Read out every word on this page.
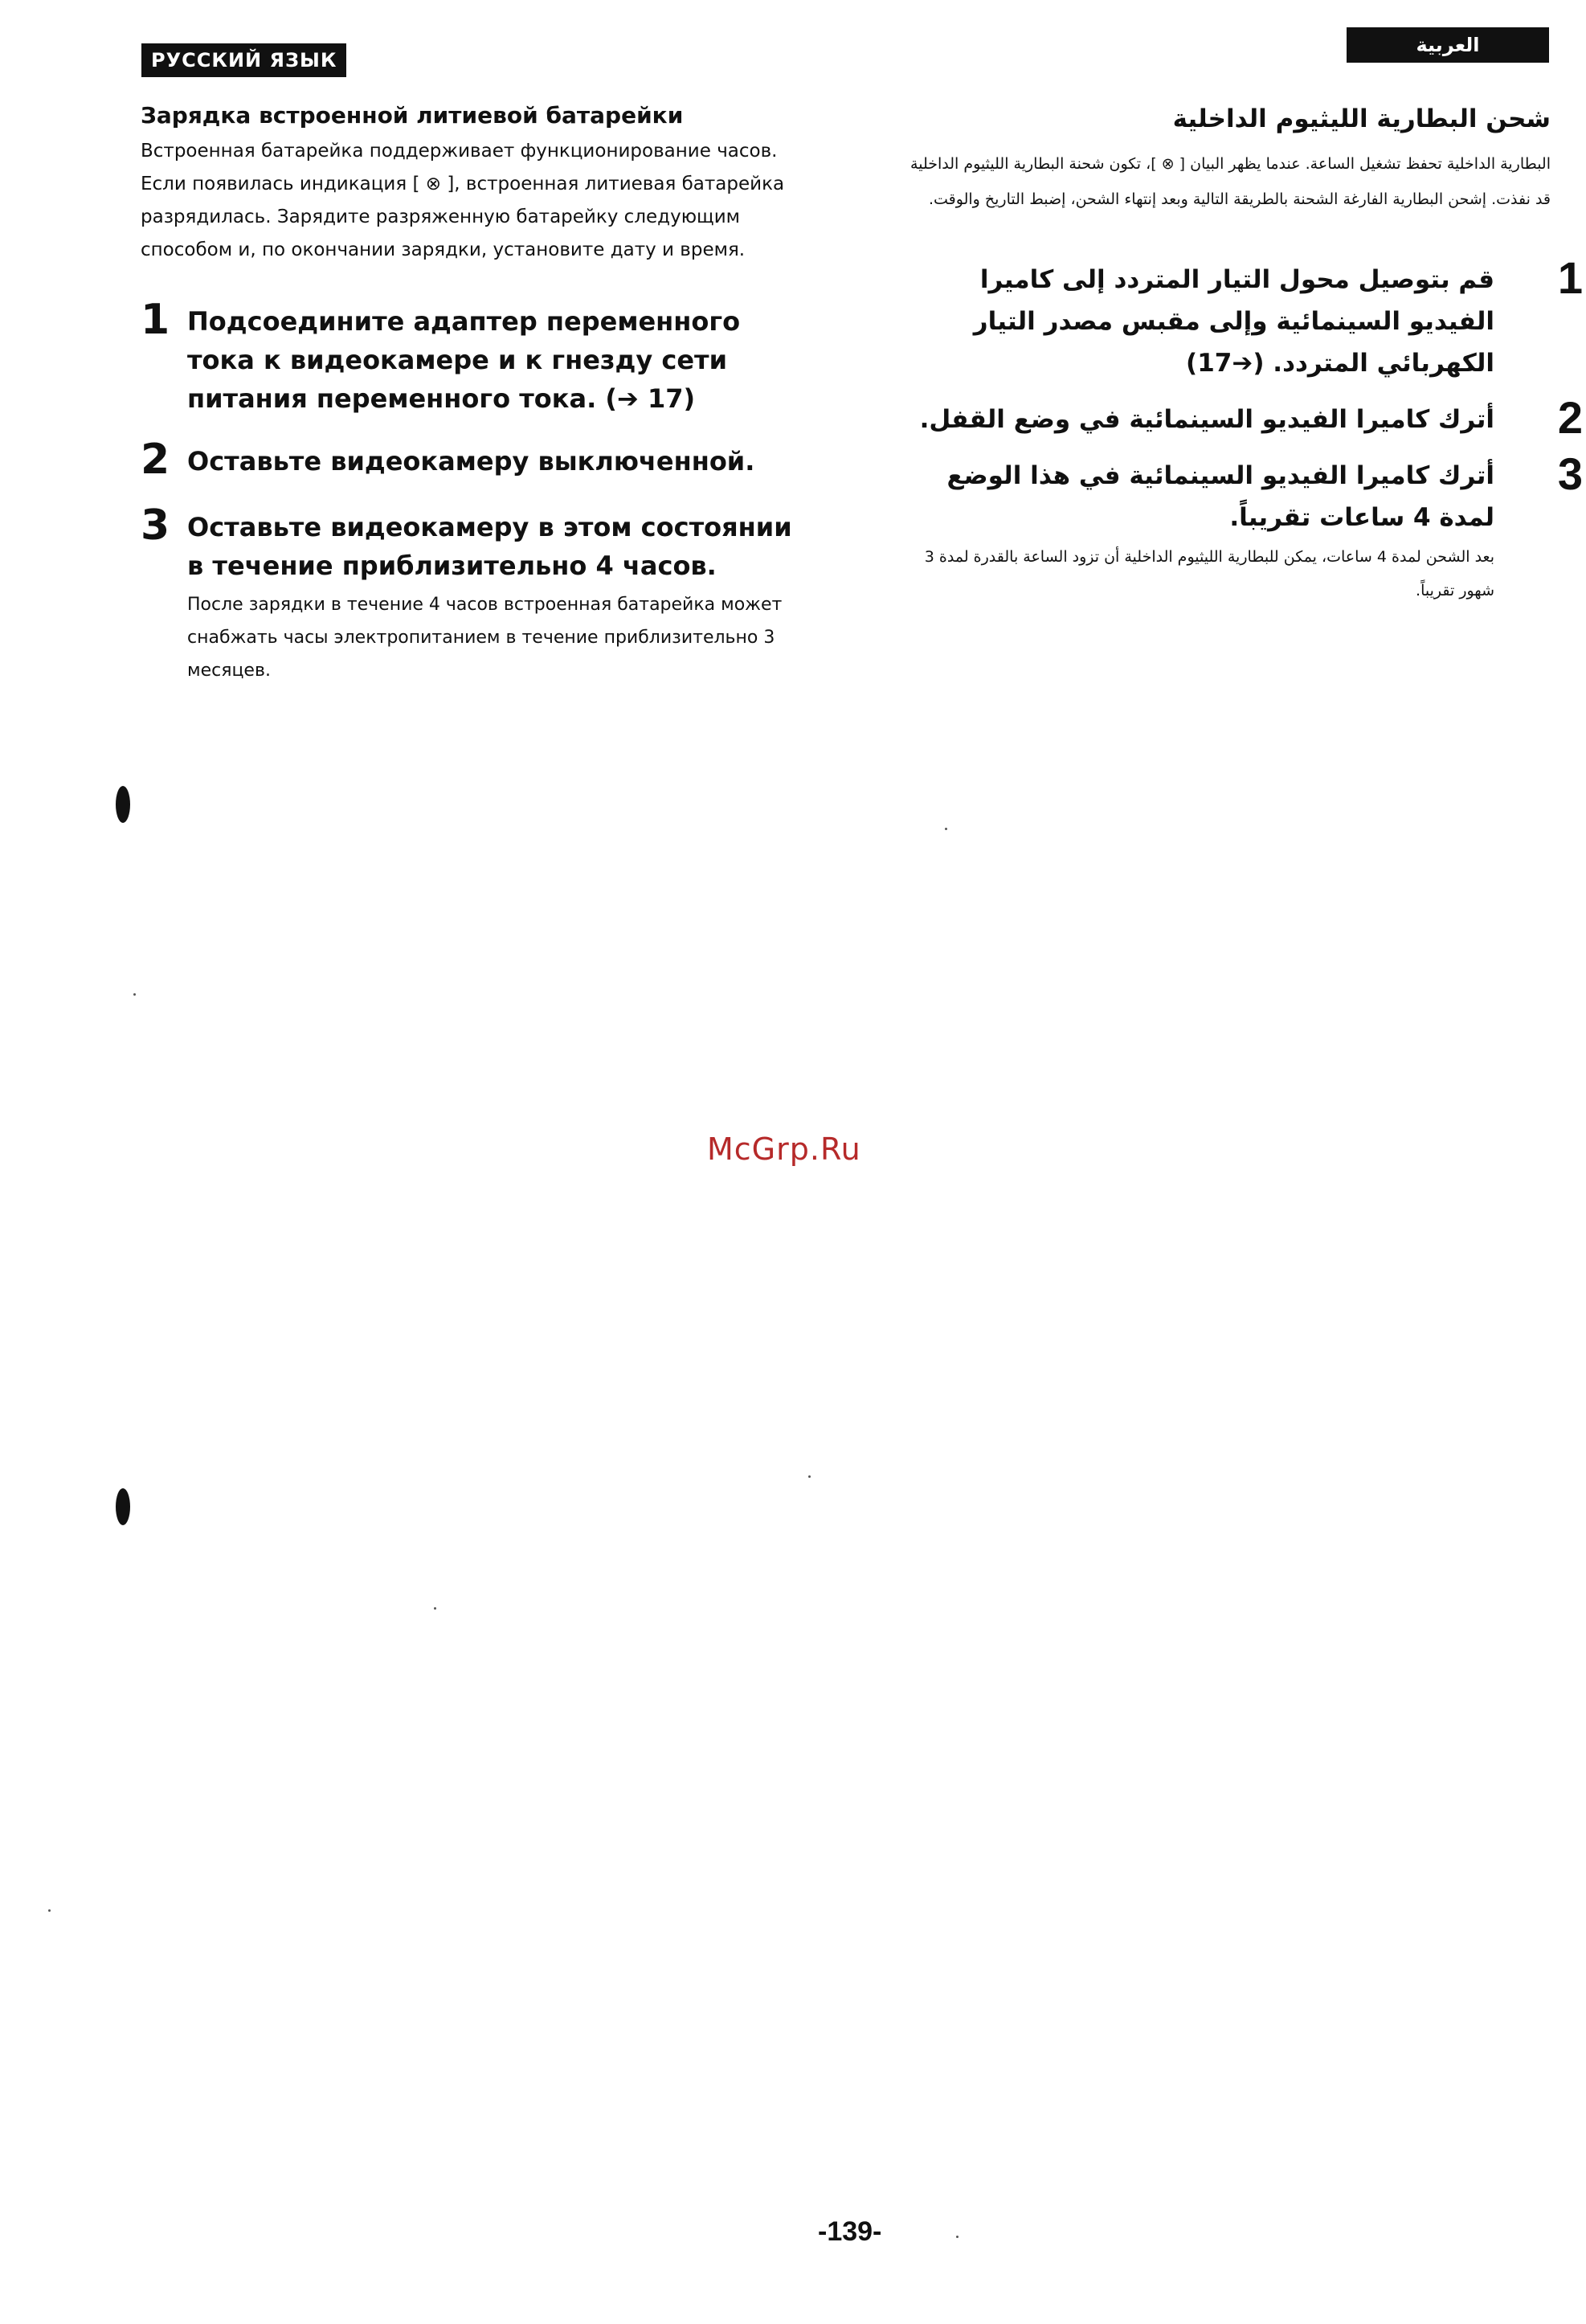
РУССКИЙ ЯЗЫК
العربية
Зарядка встроенной литиевой батарейки

Встроенная батарейка поддерживает функционирование часов.

Если появилась индикация [ ⊗ ], встроенная литиевая батарейка разрядилась. Зарядите разряженную батарейку следующим способом и, по окончании зарядки, установите дату и время.

1 Подсоедините адаптер переменного тока к видеокамере и к гнезду сети питания переменного тока. (➔ 17)
2 Оставьте видеокамеру выключенной.
3 Оставьте видеокамеру в этом состоянии в течение приблизительно 4 часов.
После зарядки в течение 4 часов встроенная батарейка может снабжать часы электропитанием в течение приблизительно 3 месяцев.
شحن البطارية الليثيوم الداخلية

البطارية الداخلية تحفظ تشغيل الساعة. عندما يظهر البيان [ ⊗ ]، تكون شحنة البطارية الليثيوم الداخلية قد نفذت. إشحن البطارية الفارغة الشحنة بالطريقة التالية وبعد إنتهاء الشحن، إضبط التاريخ والوقت.

1
قم بتوصيل محول التيار المتردد إلى كاميرا الفيديو السينمائية وإلى مقبس مصدر التيار الكهربائي المتردد. (➔17)
2
أترك كاميرا الفيديو السينمائية في وضع القفل.
3
أترك كاميرا الفيديو السينمائية في هذا الوضع لمدة 4 ساعات تقريباً.
بعد الشحن لمدة 4 ساعات، يمكن للبطارية الليثيوم الداخلية أن تزود الساعة بالقدرة لمدة 3 شهور تقريباً.
McGrp.Ru
-139-
